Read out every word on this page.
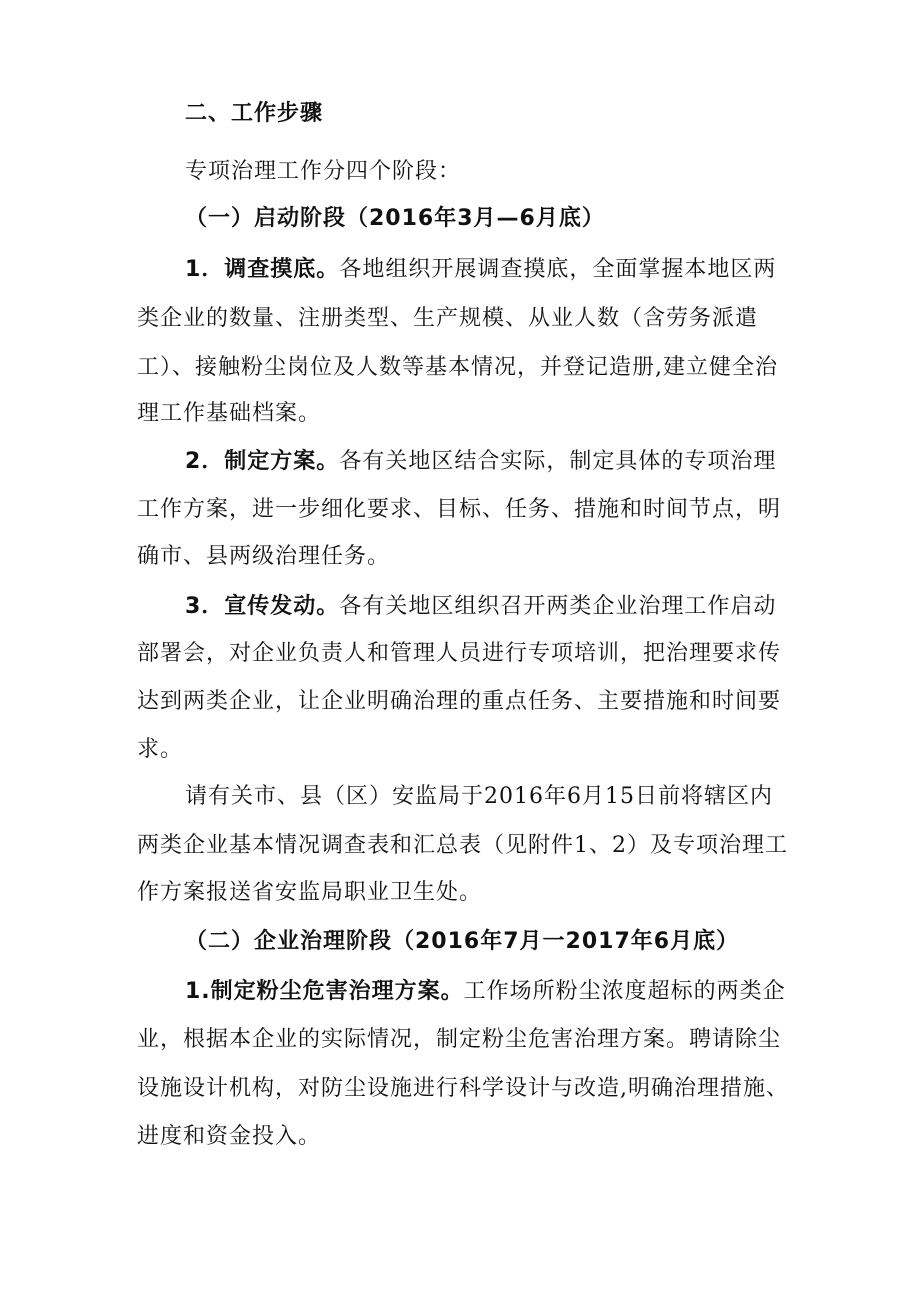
二、工作步骤
专项治理工作分四个阶段：
（一）启动阶段（2016年3月—6月底）
1．调查摸底。各地组织开展调查摸底，全面掌握本地区两
类企业的数量、注册类型、生产规模、从业人数（含劳务派遣
工）、接触粉尘岗位及人数等基本情况，并登记造册,建立健全治
理工作基础档案。
2．制定方案。各有关地区结合实际，制定具体的专项治理
工作方案，进一步细化要求、目标、任务、措施和时间节点，明
确市、县两级治理任务。
3．宣传发动。各有关地区组织召开两类企业治理工作启动
部署会，对企业负责人和管理人员进行专项培训，把治理要求传
达到两类企业，让企业明确治理的重点任务、主要措施和时间要
求。
请有关市、县（区）安监局于2016年6月15日前将辖区内
两类企业基本情况调查表和汇总表（见附件1、2）及专项治理工
作方案报送省安监局职业卫生处。
（二）企业治理阶段（2016年7月一2017年6月底）
1.制定粉尘危害治理方案。工作场所粉尘浓度超标的两类企
业，根据本企业的实际情况，制定粉尘危害治理方案。聘请除尘
设施设计机构，对防尘设施进行科学设计与改造,明确治理措施、
进度和资金投入。
